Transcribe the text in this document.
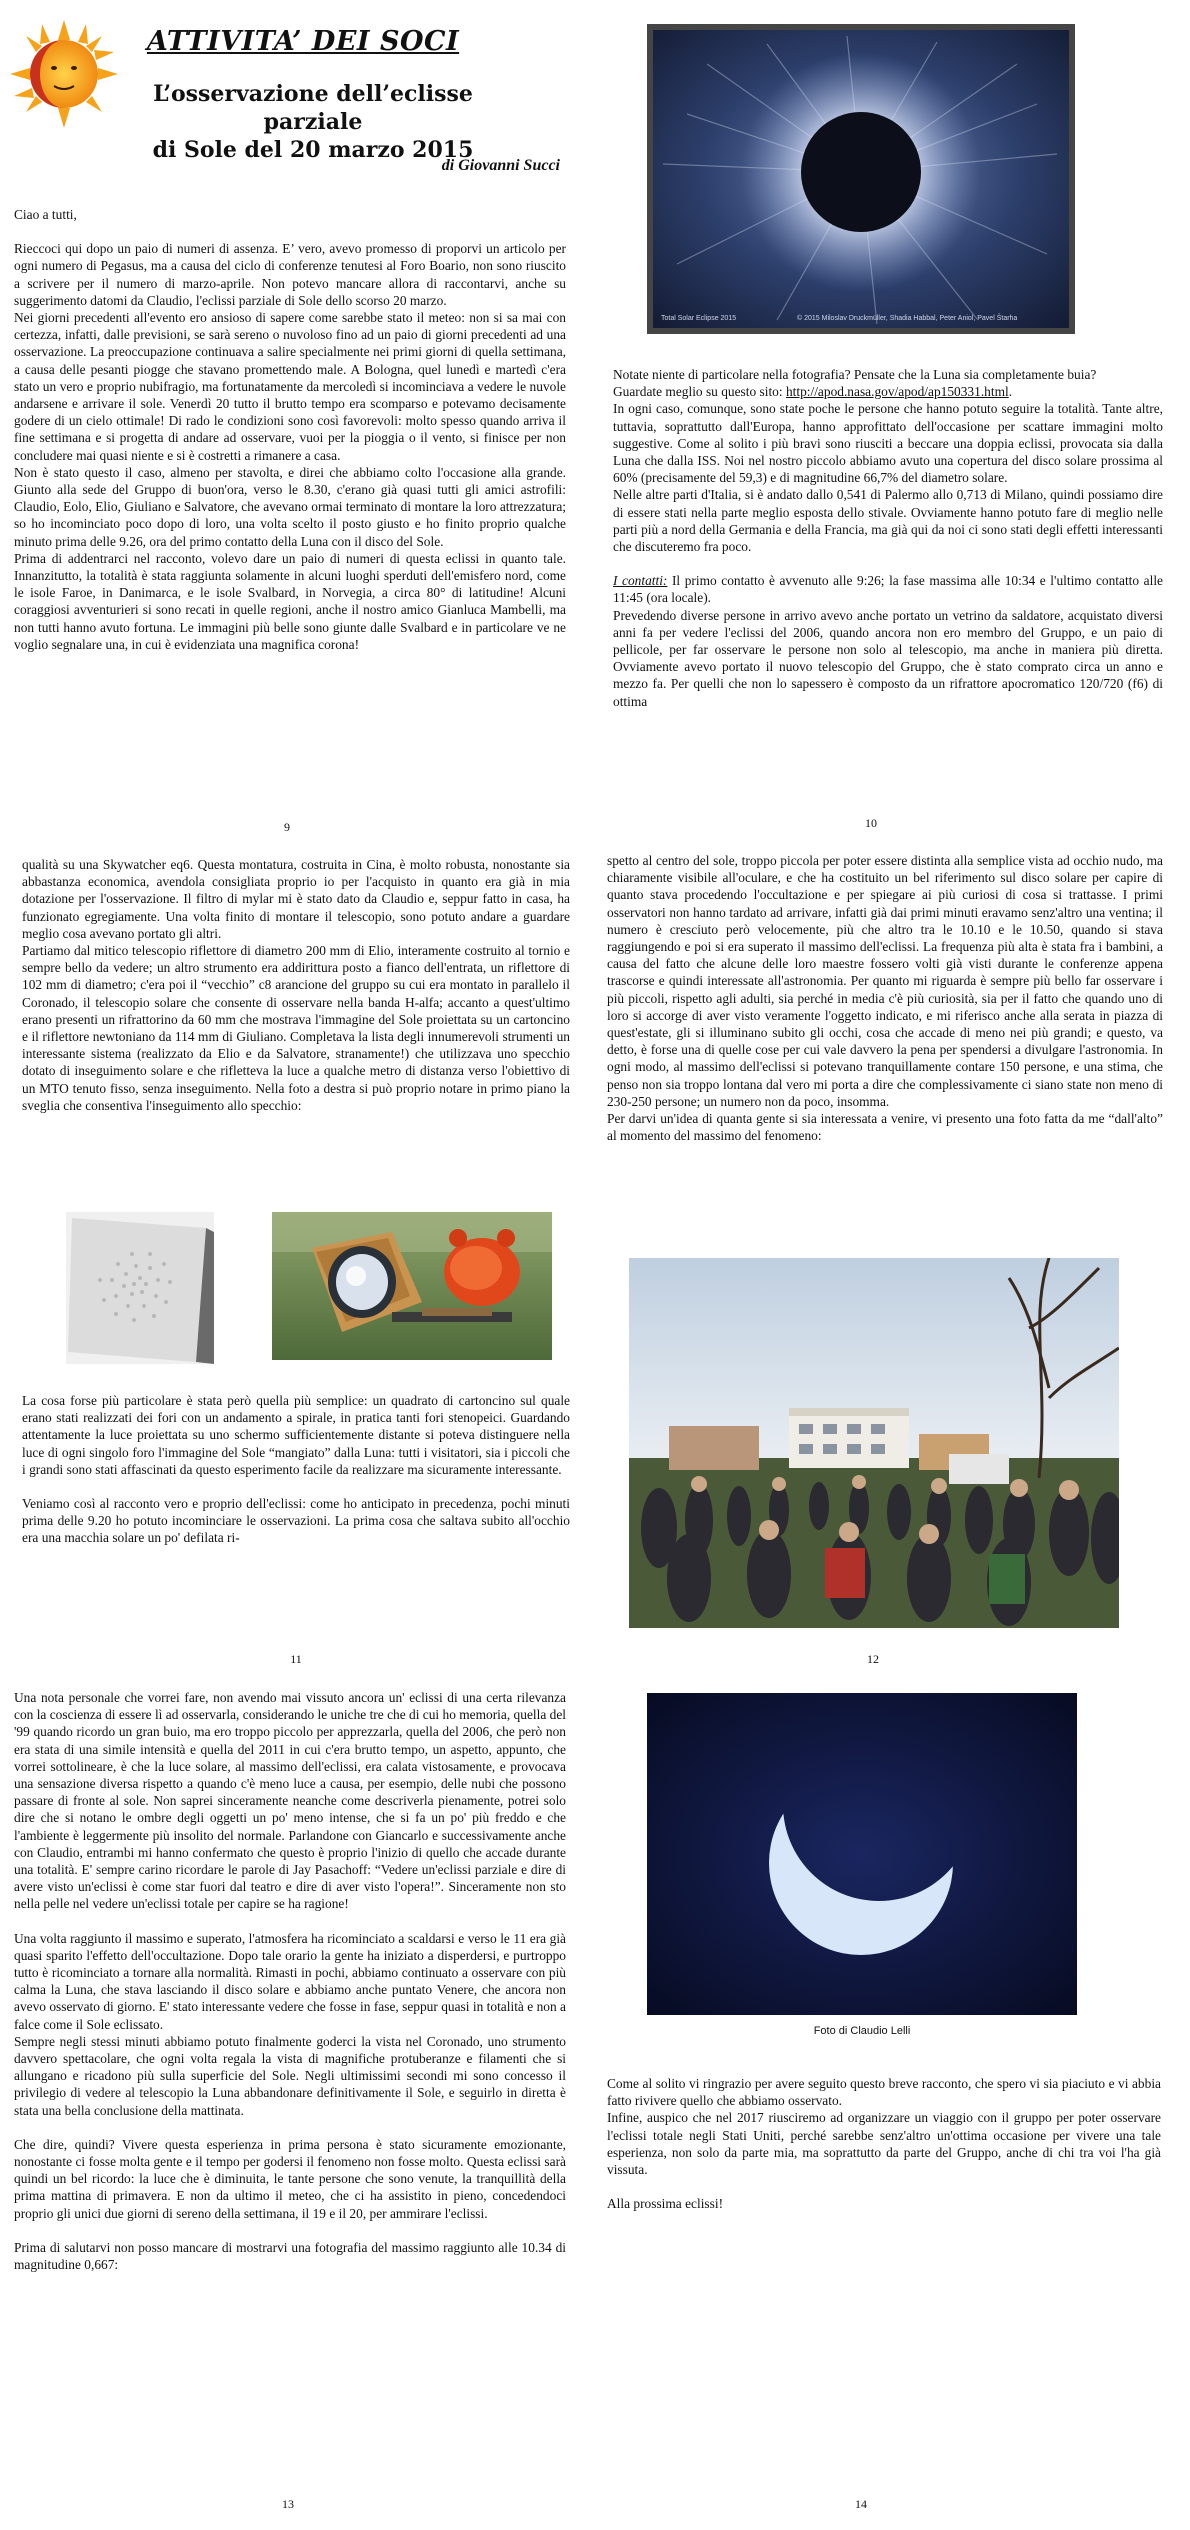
ATTIVITA’ DEI SOCI
L’osservazione dell’eclisse parziale
di Sole del 20 marzo 2015
di Giovanni Succi

Ciao a tutti,

Rieccoci qui dopo un paio di numeri di assenza. E’ vero, avevo promesso di proporvi un articolo per ogni numero di Pegasus, ma a causa del ciclo di conferenze tenutesi al Foro Boario, non sono riuscito a scrivere per il numero di marzo-aprile. Non potevo mancare allora di raccontarvi, anche su suggerimento datomi da Claudio, l'eclissi parziale di Sole dello scorso 20 marzo.

Nei giorni precedenti all'evento ero ansioso di sapere come sarebbe stato il meteo: non si sa mai con certezza, infatti, dalle previsioni, se sarà sereno o nuvoloso fino ad un paio di giorni precedenti ad una osservazione. La preoccupazione continuava a salire specialmente nei primi giorni di quella settimana, a causa delle pesanti piogge che stavano promettendo male. A Bologna, quel lunedì e martedì c'era stato un vero e proprio nubifragio, ma fortunatamente da mercoledì si incominciava a vedere le nuvole andarsene e arrivare il sole. Venerdì 20 tutto il brutto tempo era scomparso e potevamo decisamente godere di un cielo ottimale! Di rado le condizioni sono così favorevoli: molto spesso quando arriva il fine settimana e si progetta di andare ad osservare, vuoi per la pioggia o il vento, si finisce per non concludere mai quasi niente e si è costretti a rimanere a casa.

Non è stato questo il caso, almeno per stavolta, e direi che abbiamo colto l'occasione alla grande. Giunto alla sede del Gruppo di buon'ora, verso le 8.30, c'erano già quasi tutti gli amici astrofili: Claudio, Eolo, Elio, Giuliano e Salvatore, che avevano ormai terminato di montare la loro attrezzatura; so ho incominciato poco dopo di loro, una volta scelto il posto giusto e ho finito proprio qualche minuto prima delle 9.26, ora del primo contatto della Luna con il disco del Sole.

Prima di addentrarci nel racconto, volevo dare un paio di numeri di questa eclissi in quanto tale. Innanzitutto, la totalità è stata raggiunta solamente in alcuni luoghi sperduti dell'emisfero nord, come le isole Faroe, in Danimarca, e le isole Svalbard, in Norvegia, a circa 80° di latitudine! Alcuni coraggiosi avventurieri si sono recati in quelle regioni, anche il nostro amico Gianluca Mambelli, ma non tutti hanno avuto fortuna. Le immagini più belle sono giunte dalle Svalbard e in particolare ve ne voglio segnalare una, in cui è evidenziata una magnifica corona!

9
Total Solar Eclipse 2015	© 2015 Miloslav Druckmüller, Shadia Habbal, Peter Aniol, Pavel Štarha

Notate niente di particolare nella fotografia? Pensate che la Luna sia completamente buia?

Guardate meglio su questo sito: http://apod.nasa.gov/apod/ap150331.html.

In ogni caso, comunque, sono state poche le persone che hanno potuto seguire la totalità. Tante altre, tuttavia, soprattutto dall'Europa, hanno approfittato dell'occasione per scattare immagini molto suggestive. Come al solito i più bravi sono riusciti a beccare una doppia eclissi, provocata sia dalla Luna che dalla ISS. Noi nel nostro piccolo abbiamo avuto una copertura del disco solare prossima al 60% (precisamente del 59,3) e di magnitudine 66,7% del diametro solare.

Nelle altre parti d'Italia, si è andato dallo 0,541 di Palermo allo 0,713 di Milano, quindi possiamo dire di essere stati nella parte meglio esposta dello stivale. Ovviamente hanno potuto fare di meglio nelle parti più a nord della Germania e della Francia, ma già qui da noi ci sono stati degli effetti interessanti che discuteremo fra poco.

I contatti: Il primo contatto è avvenuto alle 9:26; la fase massima alle 10:34 e l'ultimo contatto alle 11:45 (ora locale).

Prevedendo diverse persone in arrivo avevo anche portato un vetrino da saldatore, acquistato diversi anni fa per vedere l'eclissi del 2006, quando ancora non ero membro del Gruppo, e un paio di pellicole, per far osservare le persone non solo al telescopio, ma anche in maniera più diretta. Ovviamente avevo portato il nuovo telescopio del Gruppo, che è stato comprato circa un anno e mezzo fa. Per quelli che non lo sapessero è composto da un rifrattore apocromatico 120/720 (f6) di ottima

10

qualità su una Skywatcher eq6. Questa montatura, costruita in Cina, è molto robusta, nonostante sia abbastanza economica, avendola consigliata proprio io per l'acquisto in quanto era già in mia dotazione per l'osservazione. Il filtro di mylar mi è stato dato da Claudio e, seppur fatto in casa, ha funzionato egregiamente. Una volta finito di montare il telescopio, sono potuto andare a guardare meglio cosa avevano portato gli altri.

Partiamo dal mitico telescopio riflettore di diametro 200 mm di Elio, interamente costruito al tornio e sempre bello da vedere; un altro strumento era addirittura posto a fianco dell'entrata, un riflettore di 102 mm di diametro; c'era poi il “vecchio” c8 arancione del gruppo su cui era montato in parallelo il Coronado, il telescopio solare che consente di osservare nella banda H-alfa; accanto a quest'ultimo erano presenti un rifrattorino da 60 mm che mostrava l'immagine del Sole proiettata su un cartoncino e il riflettore newtoniano da 114 mm di Giuliano. Completava la lista degli innumerevoli strumenti un interessante sistema (realizzato da Elio e da Salvatore, stranamente!) che utilizzava uno specchio dotato di inseguimento solare e che rifletteva la luce a qualche metro di distanza verso l'obiettivo di un MTO tenuto fisso, senza inseguimento. Nella foto a destra si può proprio notare in primo piano la sveglia che consentiva l'inseguimento allo specchio:

La cosa forse più particolare è stata però quella più semplice: un quadrato di cartoncino sul quale erano stati realizzati dei fori con un andamento a spirale, in pratica tanti fori stenopeici. Guardando attentamente la luce proiettata su uno schermo sufficientemente distante si poteva distinguere nella luce di ogni singolo foro l'immagine del Sole “mangiato” dalla Luna: tutti i visitatori, sia i piccoli che i grandi sono stati affascinati da questo esperimento facile da realizzare ma sicuramente interessante.

Veniamo così al racconto vero e proprio dell'eclissi: come ho anticipato in precedenza, pochi minuti prima delle 9.20 ho potuto incominciare le osservazioni. La prima cosa che saltava subito all'occhio era una macchia solare un po' defilata ri-

11

spetto al centro del sole, troppo piccola per poter essere distinta alla semplice vista ad occhio nudo, ma chiaramente visibile all'oculare, e che ha costituito un bel riferimento sul disco solare per capire di quanto stava procedendo l'occultazione e per spiegare ai più curiosi di cosa si trattasse. I primi osservatori non hanno tardato ad arrivare, infatti già dai primi minuti eravamo senz'altro una ventina; il numero è cresciuto però velocemente, più che altro tra le 10.10 e le 10.50, quando si stava raggiungendo e poi si era superato il massimo dell'eclissi. La frequenza più alta è stata fra i bambini, a causa del fatto che alcune delle loro maestre fossero volti già visti durante le conferenze appena trascorse e quindi interessate all'astronomia. Per quanto mi riguarda è sempre più bello far osservare i più piccoli, rispetto agli adulti, sia perché in media c'è più curiosità, sia per il fatto che quando uno di loro si accorge di aver visto veramente l'oggetto indicato, e mi riferisco anche alla serata in piazza di quest'estate, gli si illuminano subito gli occhi, cosa che accade di meno nei più grandi; e questo, va detto, è forse una di quelle cose per cui vale davvero la pena per spendersi a divulgare l'astronomia. In ogni modo, al massimo dell'eclissi si potevano tranquillamente contare 150 persone, e una stima, che penso non sia troppo lontana dal vero mi porta a dire che complessivamente ci siano state non meno di 230-250 persone; un numero non da poco, insomma.

Per darvi un'idea di quanta gente si sia interessata a venire, vi presento una foto fatta da me “dall'alto” al momento del massimo del fenomeno:

12

Una nota personale che vorrei fare, non avendo mai vissuto ancora un' eclissi di una certa rilevanza con la coscienza di essere lì ad osservarla, considerando le uniche tre che di cui ho memoria, quella del '99 quando ricordo un gran buio, ma ero troppo piccolo per apprezzarla, quella del 2006, che però non era stata di una simile intensità e quella del 2011 in cui c'era brutto tempo, un aspetto, appunto, che vorrei sottolineare, è che la luce solare, al massimo dell'eclissi, era calata vistosamente, e provocava una sensazione diversa rispetto a quando c'è meno luce a causa, per esempio, delle nubi che possono passare di fronte al sole. Non saprei sinceramente neanche come descriverla pienamente, potrei solo dire che si notano le ombre degli oggetti un po' meno intense, che si fa un po' più freddo e che l'ambiente è leggermente più insolito del normale. Parlandone con Giancarlo e successivamente anche con Claudio, entrambi mi hanno confermato che questo è proprio l'inizio di quello che accade durante una totalità. E' sempre carino ricordare le parole di Jay Pasachoff: “Vedere un'eclissi parziale e dire di avere visto un'eclissi è come star fuori dal teatro e dire di aver visto l'opera!”. Sinceramente non sto nella pelle nel vedere un'eclissi totale per capire se ha ragione!

Una volta raggiunto il massimo e superato, l'atmosfera ha ricominciato a scaldarsi e verso le 11 era già quasi sparito l'effetto dell'occultazione. Dopo tale orario la gente ha iniziato a disperdersi, e purtroppo tutto è ricominciato a tornare alla normalità. Rimasti in pochi, abbiamo continuato a osservare con più calma la Luna, che stava lasciando il disco solare e abbiamo anche puntato Venere, che ancora non avevo osservato di giorno. E' stato interessante vedere che fosse in fase, seppur quasi in totalità e non a falce come il Sole eclissato.

Sempre negli stessi minuti abbiamo potuto finalmente goderci la vista nel Coronado, uno strumento davvero spettacolare, che ogni volta regala la vista di magnifiche protuberanze e filamenti che si allungano e ricadono più sulla superficie del Sole. Negli ultimissimi secondi mi sono concesso il privilegio di vedere al telescopio la Luna abbandonare definitivamente il Sole, e seguirlo in diretta è stata una bella conclusione della mattinata.

Che dire, quindi? Vivere questa esperienza in prima persona è stato sicuramente emozionante, nonostante ci fosse molta gente e il tempo per godersi il fenomeno non fosse molto. Questa eclissi sarà quindi un bel ricordo: la luce che è diminuita, le tante persone che sono venute, la tranquillità della prima mattina di primavera. E non da ultimo il meteo, che ci ha assistito in pieno, concedendoci proprio gli unici due giorni di sereno della settimana, il 19 e il 20, per ammirare l'eclissi.

Prima di salutarvi non posso mancare di mostrarvi una fotografia del massimo raggiunto alle 10.34 di magnitudine 0,667:

13
Foto di Claudio Lelli

Come al solito vi ringrazio per avere seguito questo breve racconto, che spero vi sia piaciuto e vi abbia fatto rivivere quello che abbiamo osservato.

Infine, auspico che nel 2017 riusciremo ad organizzare un viaggio con il gruppo per poter osservare l'eclissi totale negli Stati Uniti, perché sarebbe senz'altro un'ottima occasione per vivere una tale esperienza, non solo da parte mia, ma soprattutto da parte del Gruppo, anche di chi tra voi l'ha già vissuta.

Alla prossima eclissi!

14
